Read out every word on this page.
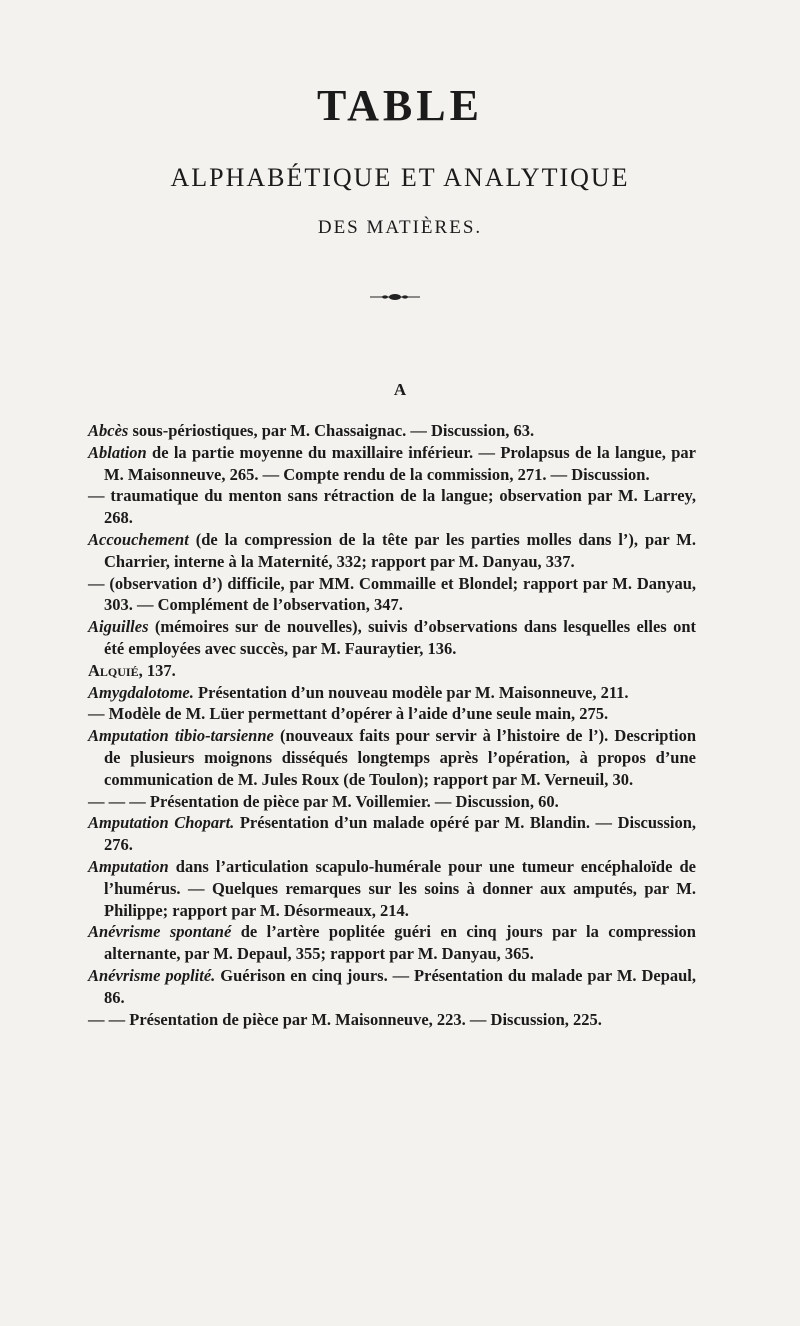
TABLE
ALPHABÉTIQUE ET ANALYTIQUE
DES MATIÈRES.
A
Abcès sous-périostiques, par M. Chassaignac. — Discussion, 63.
Ablation de la partie moyenne du maxillaire inférieur. — Prolapsus de la langue, par M. Maisonneuve, 265. — Compte rendu de la commission, 271. — Discussion.
— traumatique du menton sans rétraction de la langue; observation par M. Larrey, 268.
Accouchement (de la compression de la tête par les parties molles dans l’), par M. Charrier, interne à la Maternité, 332; rapport par M. Danyau, 337.
— (observation d’) difficile, par MM. Commaille et Blondel; rapport par M. Danyau, 303. — Complément de l’observation, 347.
Aiguilles (mémoires sur de nouvelles), suivis d’observations dans lesquelles elles ont été employées avec succès, par M. Fauraytier, 136.
Alquié, 137.
Amygdalotome. Présentation d’un nouveau modèle par M. Maisonneuve, 211.
— Modèle de M. Lüer permettant d’opérer à l’aide d’une seule main, 275.
Amputation tibio-tarsienne (nouveaux faits pour servir à l’histoire de l’). Description de plusieurs moignons disséqués longtemps après l’opération, à propos d’une communication de M. Jules Roux (de Toulon); rapport par M. Verneuil, 30.
— — — Présentation de pièce par M. Voillemier. — Discussion, 60.
Amputation Chopart. Présentation d’un malade opéré par M. Blandin. — Discussion, 276.
Amputation dans l’articulation scapulo-humérale pour une tumeur encéphaloïde de l’humérus. — Quelques remarques sur les soins à donner aux amputés, par M. Philippe; rapport par M. Désormeaux, 214.
Anévrisme spontané de l’artère poplitée guéri en cinq jours par la compression alternante, par M. Depaul, 355; rapport par M. Danyau, 365.
Anévrisme poplité. Guérison en cinq jours. — Présentation du malade par M. Depaul, 86.
— — Présentation de pièce par M. Maisonneuve, 223. — Discussion, 225.
